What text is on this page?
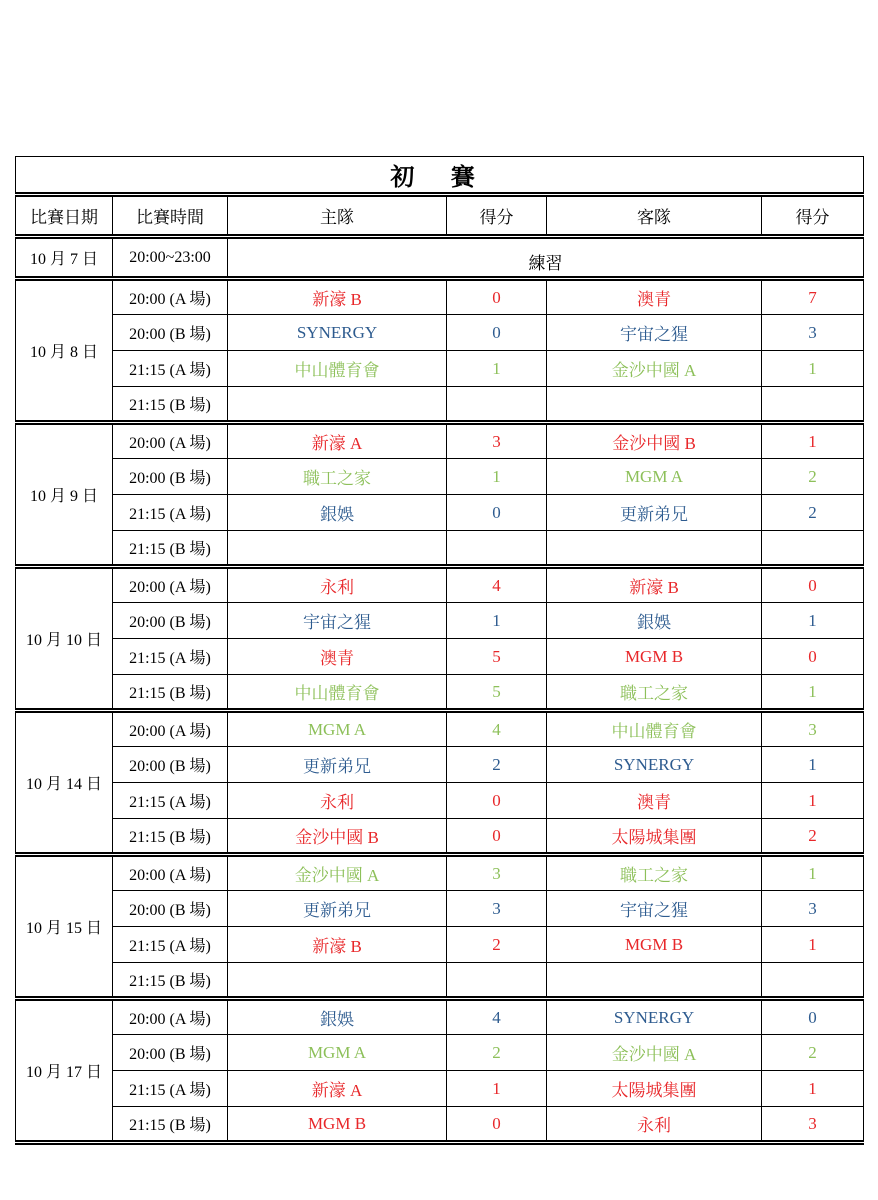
初 賽					
比賽日期	比賽時間	主隊	得分	客隊	得分
10 月 7 日	20:00~23:00	練習			
10 月 8 日	20:00 (A 場)	新濠 B	0	澳青	7
	20:00 (B 場)	SYNERGY	0	宇宙之猩	3
	21:15 (A 場)	中山體育會	1	金沙中國 A	1
	21:15 (B 場)				
10 月 9 日	20:00 (A 場)	新濠 A	3	金沙中國 B	1
	20:00 (B 場)	職工之家	1	MGM A	2
	21:15 (A 場)	銀娛	0	更新弟兄	2
	21:15 (B 場)				
10 月 10 日	20:00 (A 場)	永利	4	新濠 B	0
	20:00 (B 場)	宇宙之猩	1	銀娛	1
	21:15 (A 場)	澳青	5	MGM B	0
	21:15 (B 場)	中山體育會	5	職工之家	1
10 月 14 日	20:00 (A 場)	MGM A	4	中山體育會	3
	20:00 (B 場)	更新弟兄	2	SYNERGY	1
	21:15 (A 場)	永利	0	澳青	1
	21:15 (B 場)	金沙中國 B	0	太陽城集團	2
10 月 15 日	20:00 (A 場)	金沙中國 A	3	職工之家	1
	20:00 (B 場)	更新弟兄	3	宇宙之猩	3
	21:15 (A 場)	新濠 B	2	MGM B	1
	21:15 (B 場)				
10 月 17 日	20:00 (A 場)	銀娛	4	SYNERGY	0
	20:00 (B 場)	MGM A	2	金沙中國 A	2
	21:15 (A 場)	新濠 A	1	太陽城集團	1
	21:15 (B 場)	MGM B	0	永利	3
